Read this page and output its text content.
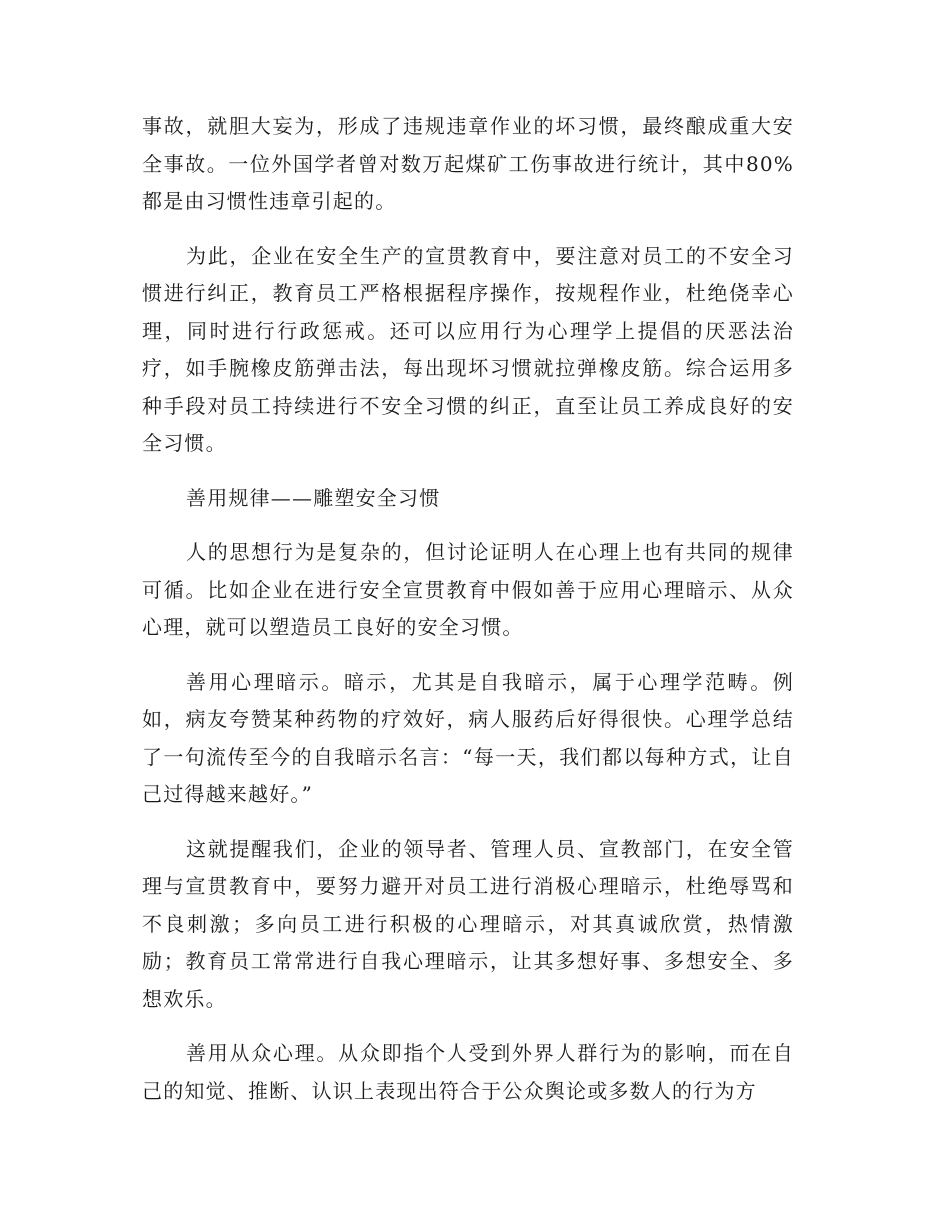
事故，就胆大妄为，形成了违规违章作业的坏习惯，最终酿成重大安全事故。一位外国学者曾对数万起煤矿工伤事故进行统计，其中80%都是由习惯性违章引起的。

为此，企业在安全生产的宣贯教育中，要注意对员工的不安全习惯进行纠正，教育员工严格根据程序操作，按规程作业，杜绝侥幸心理，同时进行行政惩戒。还可以应用行为心理学上提倡的厌恶法治疗，如手腕橡皮筋弹击法，每出现坏习惯就拉弹橡皮筋。综合运用多种手段对员工持续进行不安全习惯的纠正，直至让员工养成良好的安全习惯。

善用规律——雕塑安全习惯

人的思想行为是复杂的，但讨论证明人在心理上也有共同的规律可循。比如企业在进行安全宣贯教育中假如善于应用心理暗示、从众心理，就可以塑造员工良好的安全习惯。

善用心理暗示。暗示，尤其是自我暗示，属于心理学范畴。例如，病友夸赞某种药物的疗效好，病人服药后好得很快。心理学总结了一句流传至今的自我暗示名言：“每一天，我们都以每种方式，让自己过得越来越好。”

这就提醒我们，企业的领导者、管理人员、宣教部门，在安全管理与宣贯教育中，要努力避开对员工进行消极心理暗示，杜绝辱骂和不良刺激；多向员工进行积极的心理暗示，对其真诚欣赏，热情激励；教育员工常常进行自我心理暗示，让其多想好事、多想安全、多想欢乐。

善用从众心理。从众即指个人受到外界人群行为的影响，而在自己的知觉、推断、认识上表现出符合于公众舆论或多数人的行为方
